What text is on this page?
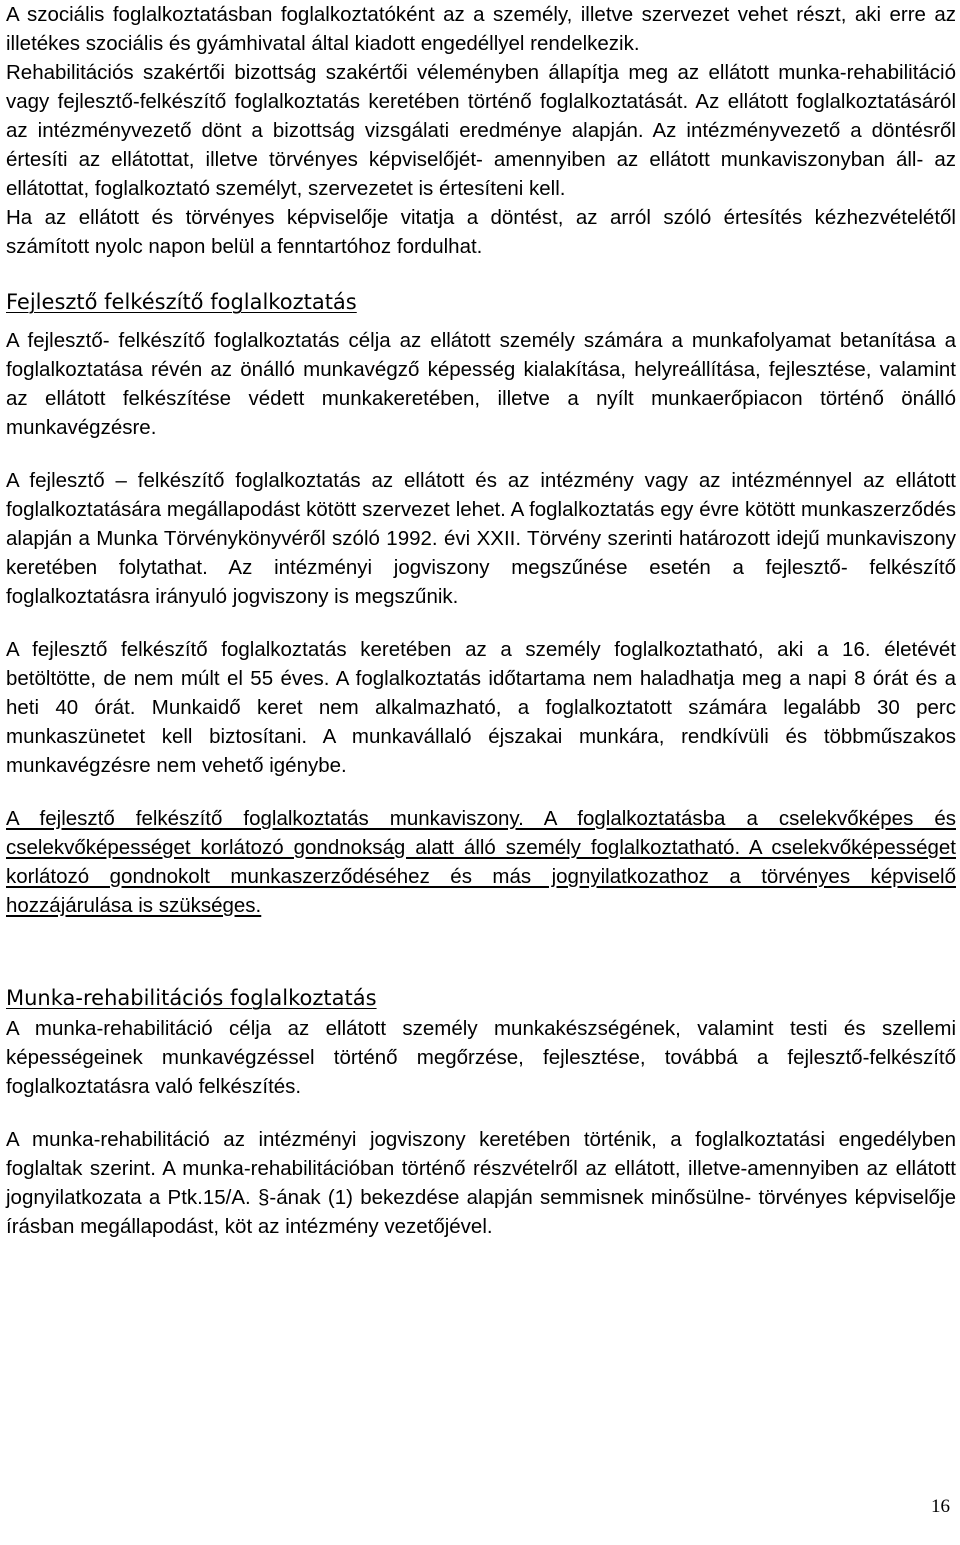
A szociális foglalkoztatásban foglalkoztatóként az a személy, illetve szervezet vehet részt, aki erre az illetékes szociális és gyámhivatal által kiadott engedéllyel rendelkezik.

Rehabilitációs szakértői bizottság szakértői véleményben állapítja meg az ellátott munka-rehabilitáció vagy fejlesztő-felkészítő foglalkoztatás keretében történő foglalkoztatását. Az ellátott foglalkoztatásáról az intézményvezető dönt a bizottság vizsgálati eredménye alapján. Az intézményvezető a döntésről értesíti az ellátottat, illetve törvényes képviselőjét- amennyiben az ellátott munkaviszonyban áll- az ellátottat, foglalkoztató személyt, szervezetet is értesíteni kell.

Ha az ellátott és törvényes képviselője vitatja a döntést, az arról szóló értesítés kézhezvételétől számított nyolc napon belül a fenntartóhoz fordulhat.

Fejlesztő felkészítő foglalkoztatás

A fejlesztő- felkészítő foglalkoztatás célja az ellátott személy számára a munkafolyamat betanítása a foglalkoztatása révén az önálló munkavégző képesség kialakítása, helyreállítása, fejlesztése, valamint az ellátott felkészítése védett munkakeretében, illetve a nyílt munkaerőpiacon történő önálló munkavégzésre.

A fejlesztő – felkészítő foglalkoztatás az ellátott és az intézmény vagy az intézménnyel az ellátott foglalkoztatására megállapodást kötött szervezet lehet. A foglalkoztatás egy évre kötött munkaszerződés alapján a Munka Törvénykönyvéről szóló 1992. évi XXII. Törvény szerinti határozott idejű munkaviszony keretében folytathat. Az intézményi jogviszony megszűnése esetén a fejlesztő- felkészítő foglalkoztatásra irányuló jogviszony is megszűnik.

A fejlesztő felkészítő foglalkoztatás keretében az a személy foglalkoztatható, aki a 16. életévét betöltötte, de nem múlt el 55 éves. A foglalkoztatás időtartama nem haladhatja meg a napi 8 órát és a heti 40 órát. Munkaidő keret nem alkalmazható, a foglalkoztatott számára legalább 30 perc munkaszünetet kell biztosítani. A munkavállaló éjszakai munkára, rendkívüli és többműszakos munkavégzésre nem vehető igénybe.

A fejlesztő felkészítő foglalkoztatás munkaviszony. A foglalkoztatásba a cselekvőképes és cselekvőképességet korlátozó gondnokság alatt álló személy foglalkoztatható. A cselekvőképességet korlátozó gondnokolt munkaszerződéséhez és más jognyilatkozathoz a törvényes képviselő hozzájárulása is szükséges.

Munka-rehabilitációs foglalkoztatás

A munka-rehabilitáció célja az ellátott személy munkakészségének, valamint testi és szellemi képességeinek munkavégzéssel történő megőrzése, fejlesztése, továbbá a fejlesztő-felkészítő foglalkoztatásra való felkészítés.

A munka-rehabilitáció az intézményi jogviszony keretében történik, a foglalkoztatási engedélyben foglaltak szerint. A munka-rehabilitációban történő részvételről az ellátott, illetve-amennyiben az ellátott jognyilatkozata a Ptk.15/A. §-ának (1) bekezdése alapján semmisnek minősülne- törvényes képviselője írásban megállapodást, köt az intézmény vezetőjével.

16
